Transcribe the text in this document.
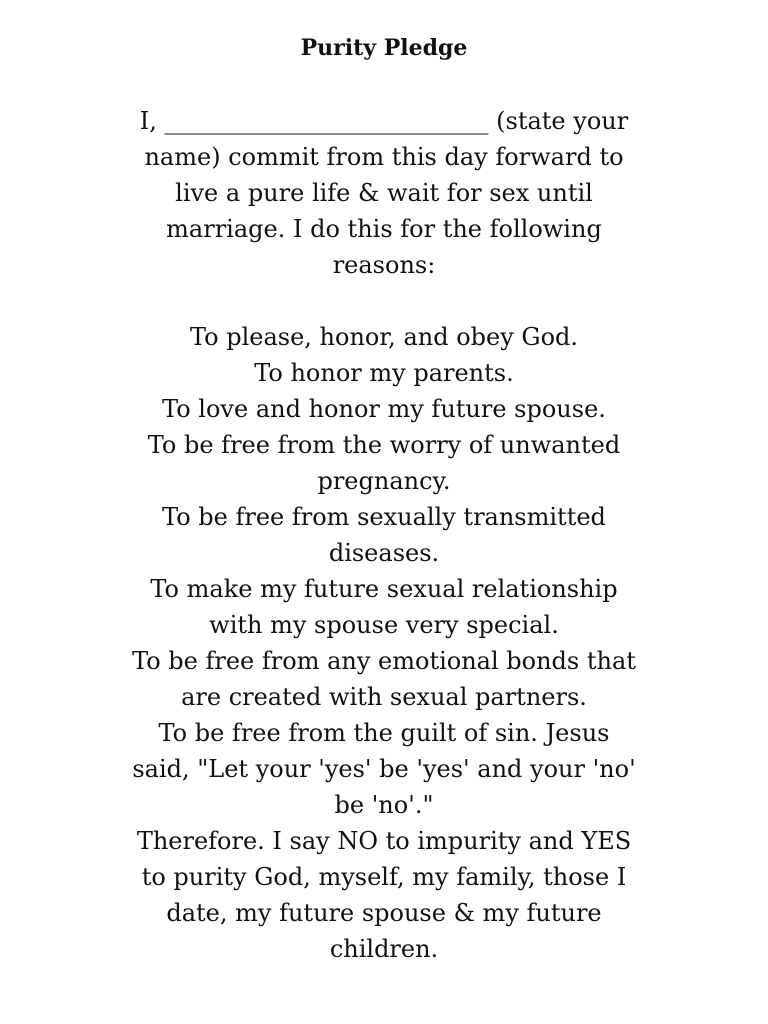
Purity Pledge
I, ___________________________ (state your
name) commit from this day forward to
live a pure life & wait for sex until
marriage. I do this for the following
reasons:
To please, honor, and obey God.
To honor my parents.
To love and honor my future spouse.
To be free from the worry of unwanted
pregnancy.
To be free from sexually transmitted
diseases.
To make my future sexual relationship
with my spouse very special.
To be free from any emotional bonds that
are created with sexual partners.
To be free from the guilt of sin. Jesus
said, "Let your 'yes' be 'yes' and your 'no'
be 'no'."
Therefore. I say NO to impurity and YES
to purity God, myself, my family, those I
date, my future spouse & my future
children.
